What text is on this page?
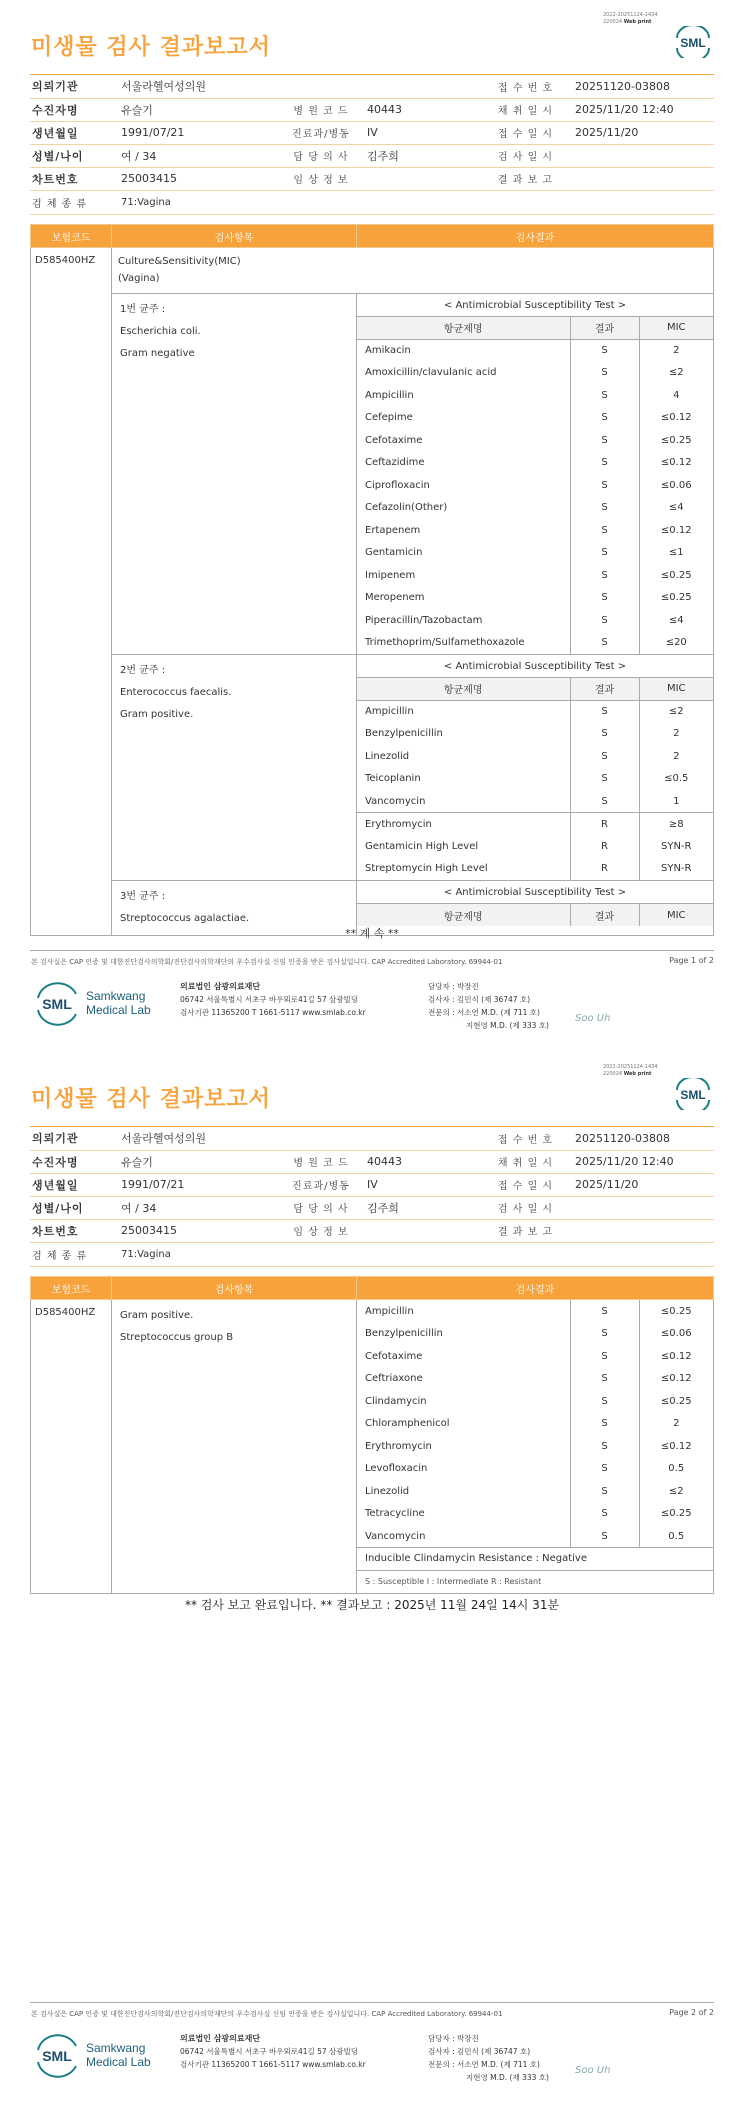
2022-20251124-1434
220024 Web print
미생물 검사 결과보고서	SML
의뢰기관	서울라헬여성의원			접 수 번 호	20251120-03808
수진자명	유슬기	병 원 코 드	40443	채 취 일 시	2025/11/20 12:40
생년월일	1991/07/21	진료과/병동	IV	접 수 일 시	2025/11/20
성별/나이	여 / 34	담 당 의 사	김주희	검 사 일 시	
차트번호	25003415	임 상 정 보		결 과 보 고	
검 체 종 류	71:Vagina				
보험코드	검사항목	검사결과
D585400HZ	Culture&Sensitivity(MIC)
(Vagina)

1번 균주 :
Escherichia coli.
Gram negative

< Antimicrobial Susceptibility Test >
항균제명	결과	MIC
Amikacin	S	2
Amoxicillin/clavulanic acid	S	≤2
Ampicillin	S	4
Cefepime	S	≤0.12
Cefotaxime	S	≤0.25
Ceftazidime	S	≤0.12
Ciprofloxacin	S	≤0.06
Cefazolin(Other)	S	≤4
Ertapenem	S	≤0.12
Gentamicin	S	≤1
Imipenem	S	≤0.25
Meropenem	S	≤0.25
Piperacillin/Tazobactam	S	≤4
Trimethoprim/Sulfamethoxazole	S	≤20

2번 균주 :
Enterococcus faecalis.
Gram positive.

< Antimicrobial Susceptibility Test >
항균제명	결과	MIC
Ampicillin	S	≤2
Benzylpenicillin	S	2
Linezolid	S	2
Teicoplanin	S	≤0.5
Vancomycin	S	1
Erythromycin	R	≥8
Gentamicin High Level	R	SYN-R
Streptomycin High Level	R	SYN-R

3번 균주 :
Streptococcus agalactiae.

< Antimicrobial Susceptibility Test >
항균제명	결과	MIC
** 계 속 **
본 검사실은 CAP 인증 및 대한진단검사의학회/진단검사의학재단의 우수검사실 신임 인증을 받은 검사실입니다. CAP Accredited Laboratory. 69944-01	Page 1 of 2
SML Samkwang
Medical Lab
의료법인 삼광의료재단
06742 서울특별시 서초구 바우뫼로41길 57 삼광빌딩
검사기관 11365200 T 1661-5117 www.smlab.co.kr
담당자 : 박장진
검사자 : 김민식 (제 36747 호)
전문의 : 서소연 M.D. (제 711 호)
지현영 M.D. (제 333 호)
Soo Uh
2022-20251124-1434
220024 Web print
미생물 검사 결과보고서	SML
의뢰기관	서울라헬여성의원			접 수 번 호	20251120-03808
수진자명	유슬기	병 원 코 드	40443	채 취 일 시	2025/11/20 12:40
생년월일	1991/07/21	진료과/병동	IV	접 수 일 시	2025/11/20
성별/나이	여 / 34	담 당 의 사	김주희	검 사 일 시	
차트번호	25003415	임 상 정 보		결 과 보 고	
검 체 종 류	71:Vagina				
보험코드	검사항목	검사결과
D585400HZ	Gram positive.
Streptococcus group B

Ampicillin	S	≤0.25
Benzylpenicillin	S	≤0.06
Cefotaxime	S	≤0.12
Ceftriaxone	S	≤0.12
Clindamycin	S	≤0.25
Chloramphenicol	S	2
Erythromycin	S	≤0.12
Levofloxacin	S	0.5
Linezolid	S	≤2
Tetracycline	S	≤0.25
Vancomycin	S	0.5
Inducible Clindamycin Resistance : Negative
S : Susceptible I : Intermediate R : Resistant
** 검사 보고 완료입니다. ** 결과보고 : 2025년 11월 24일 14시 31분
본 검사실은 CAP 인증 및 대한진단검사의학회/진단검사의학재단의 우수검사실 신임 인증을 받은 검사실입니다. CAP Accredited Laboratory. 69944-01	Page 2 of 2
SML Samkwang
Medical Lab
의료법인 삼광의료재단
06742 서울특별시 서초구 바우뫼로41길 57 삼광빌딩
검사기관 11365200 T 1661-5117 www.smlab.co.kr
담당자 : 박장진
검사자 : 김민식 (제 36747 호)
전문의 : 서소연 M.D. (제 711 호)
지현영 M.D. (제 333 호)
Soo Uh
